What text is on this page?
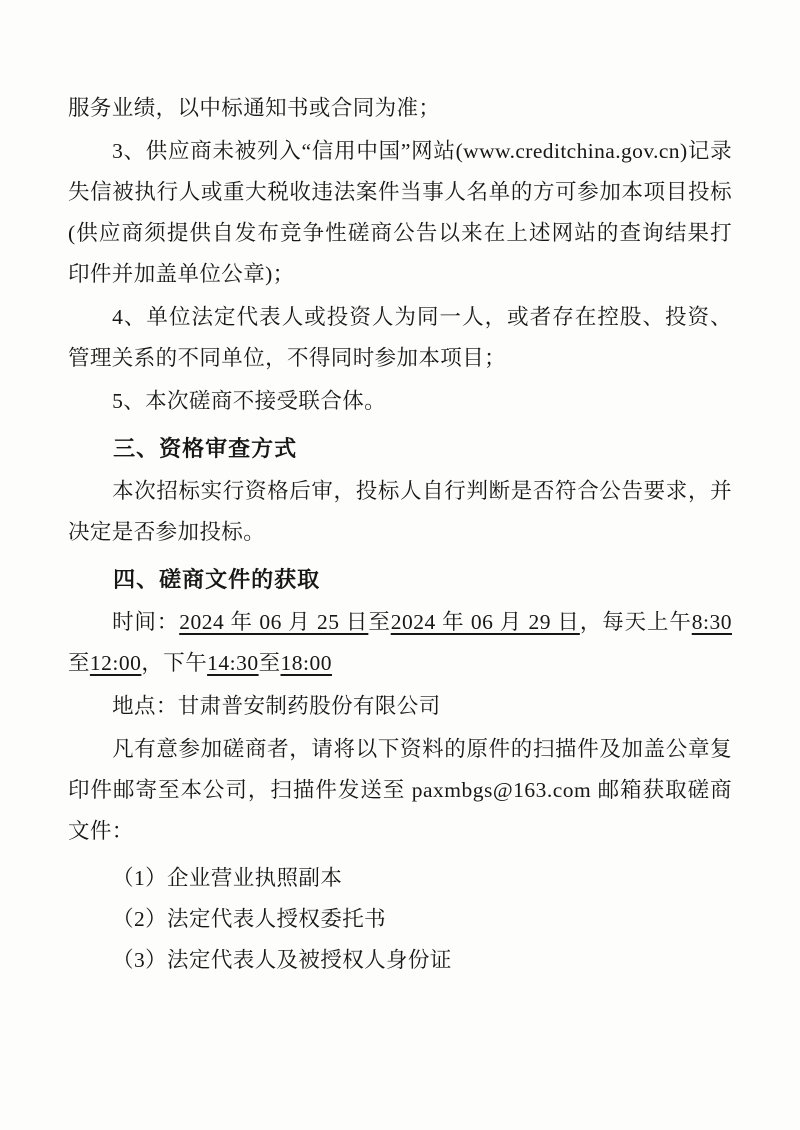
服务业绩，以中标通知书或合同为准；

3、供应商未被列入“信用中国”网站(www.creditchina.gov.cn)记录失信被执行人或重大税收违法案件当事人名单的方可参加本项目投标(供应商须提供自发布竞争性磋商公告以来在上述网站的查询结果打印件并加盖单位公章)；

4、单位法定代表人或投资人为同一人，或者存在控股、投资、管理关系的不同单位，不得同时参加本项目；

5、本次磋商不接受联合体。

三、资格审查方式

本次招标实行资格后审，投标人自行判断是否符合公告要求，并决定是否参加投标。

四、磋商文件的获取

时间：2024 年 06 月 25 日至2024 年 06 月 29 日，每天上午8:30至12:00，下午14:30至18:00

地点：甘肃普安制药股份有限公司

凡有意参加磋商者，请将以下资料的原件的扫描件及加盖公章复印件邮寄至本公司，扫描件发送至 paxmbgs@163.com 邮箱获取磋商文件：

（1）企业营业执照副本

（2）法定代表人授权委托书

（3）法定代表人及被授权人身份证
